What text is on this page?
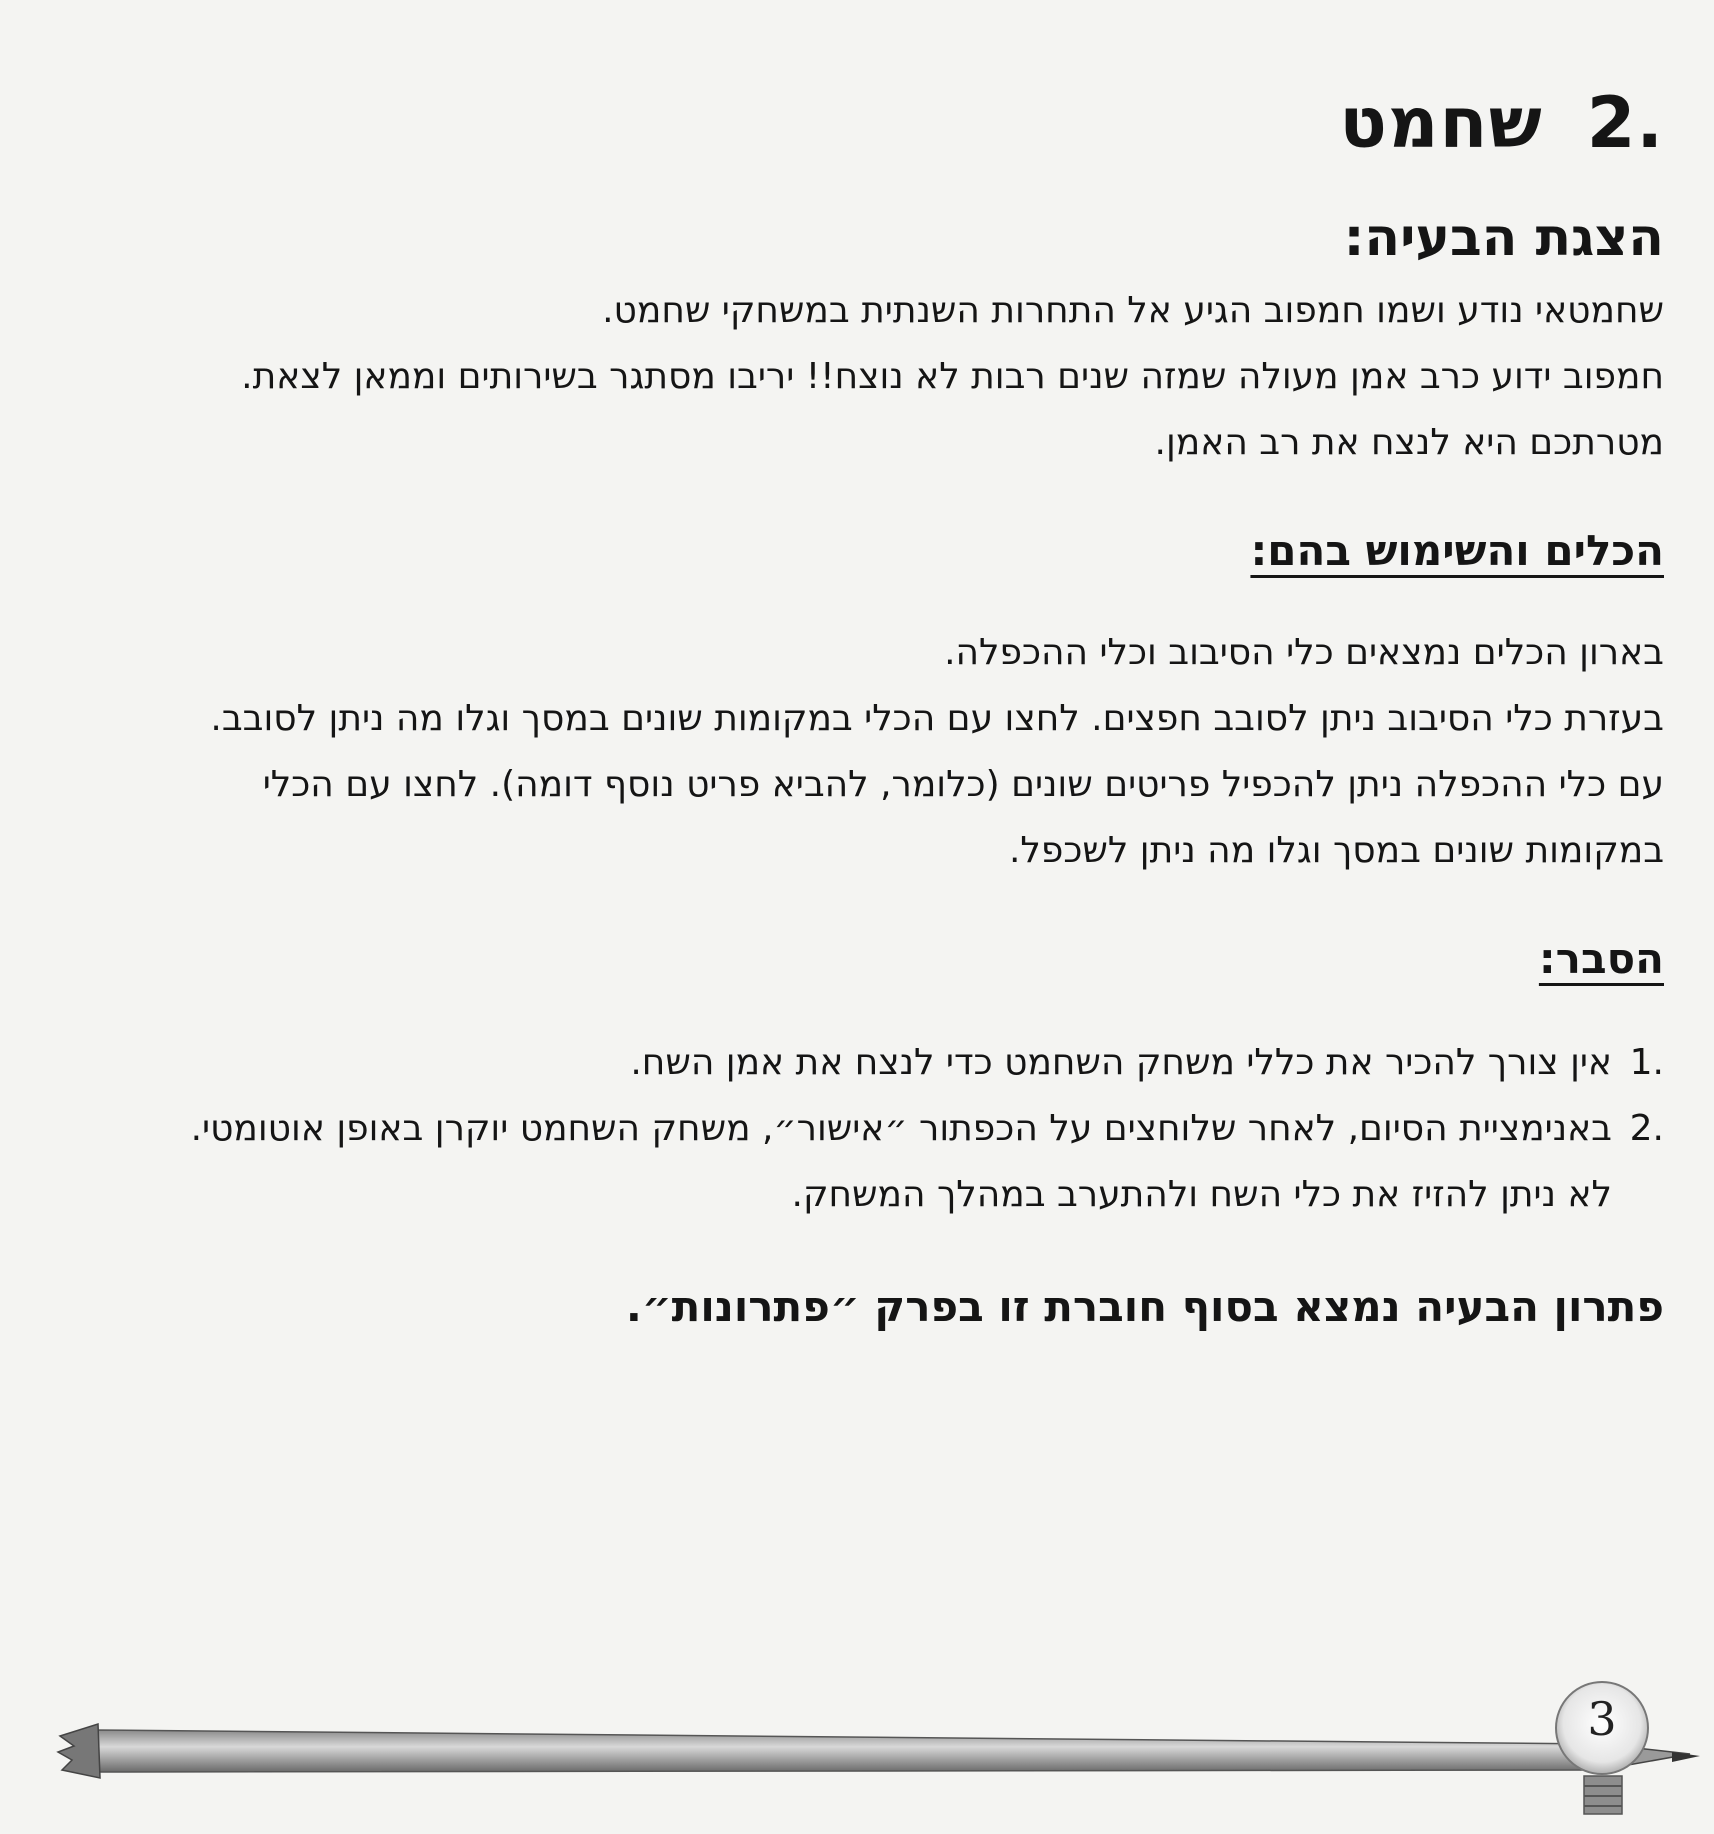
.2
שחמט
הצגת הבעיה:

שחמטאי נודע ושמו חמפוב הגיע אל התחרות השנתית במשחקי שחמט.

חמפוב ידוע כרב אמן מעולה שמזה שנים רבות לא נוצח!! יריבו מסתגר בשירותים וממאן לצאת.

מטרתכם היא לנצח את רב האמן.

הכלים והשימוש בהם:

בארון הכלים נמצאים כלי הסיבוב וכלי ההכפלה.

בעזרת כלי הסיבוב ניתן לסובב חפצים. לחצו עם הכלי במקומות שונים במסך וגלו מה ניתן לסובב.

עם כלי ההכפלה ניתן להכפיל פריטים שונים (כלומר, להביא פריט נוסף דומה). לחצו עם הכלי

במקומות שונים במסך וגלו מה ניתן לשכפל.

הסבר:
.1
אין צורך להכיר את כללי משחק השחמט כדי לנצח את אמן השח.
.2
באנימציית הסיום, לאחר שלוחצים על הכפתור ״אישור״, משחק השחמט יוקרן באופן אוטומטי.
לא ניתן להזיז את כלי השח ולהתערב במהלך המשחק.
פתרון הבעיה נמצא בסוף חוברת זו בפרק ״פתרונות״.
3
